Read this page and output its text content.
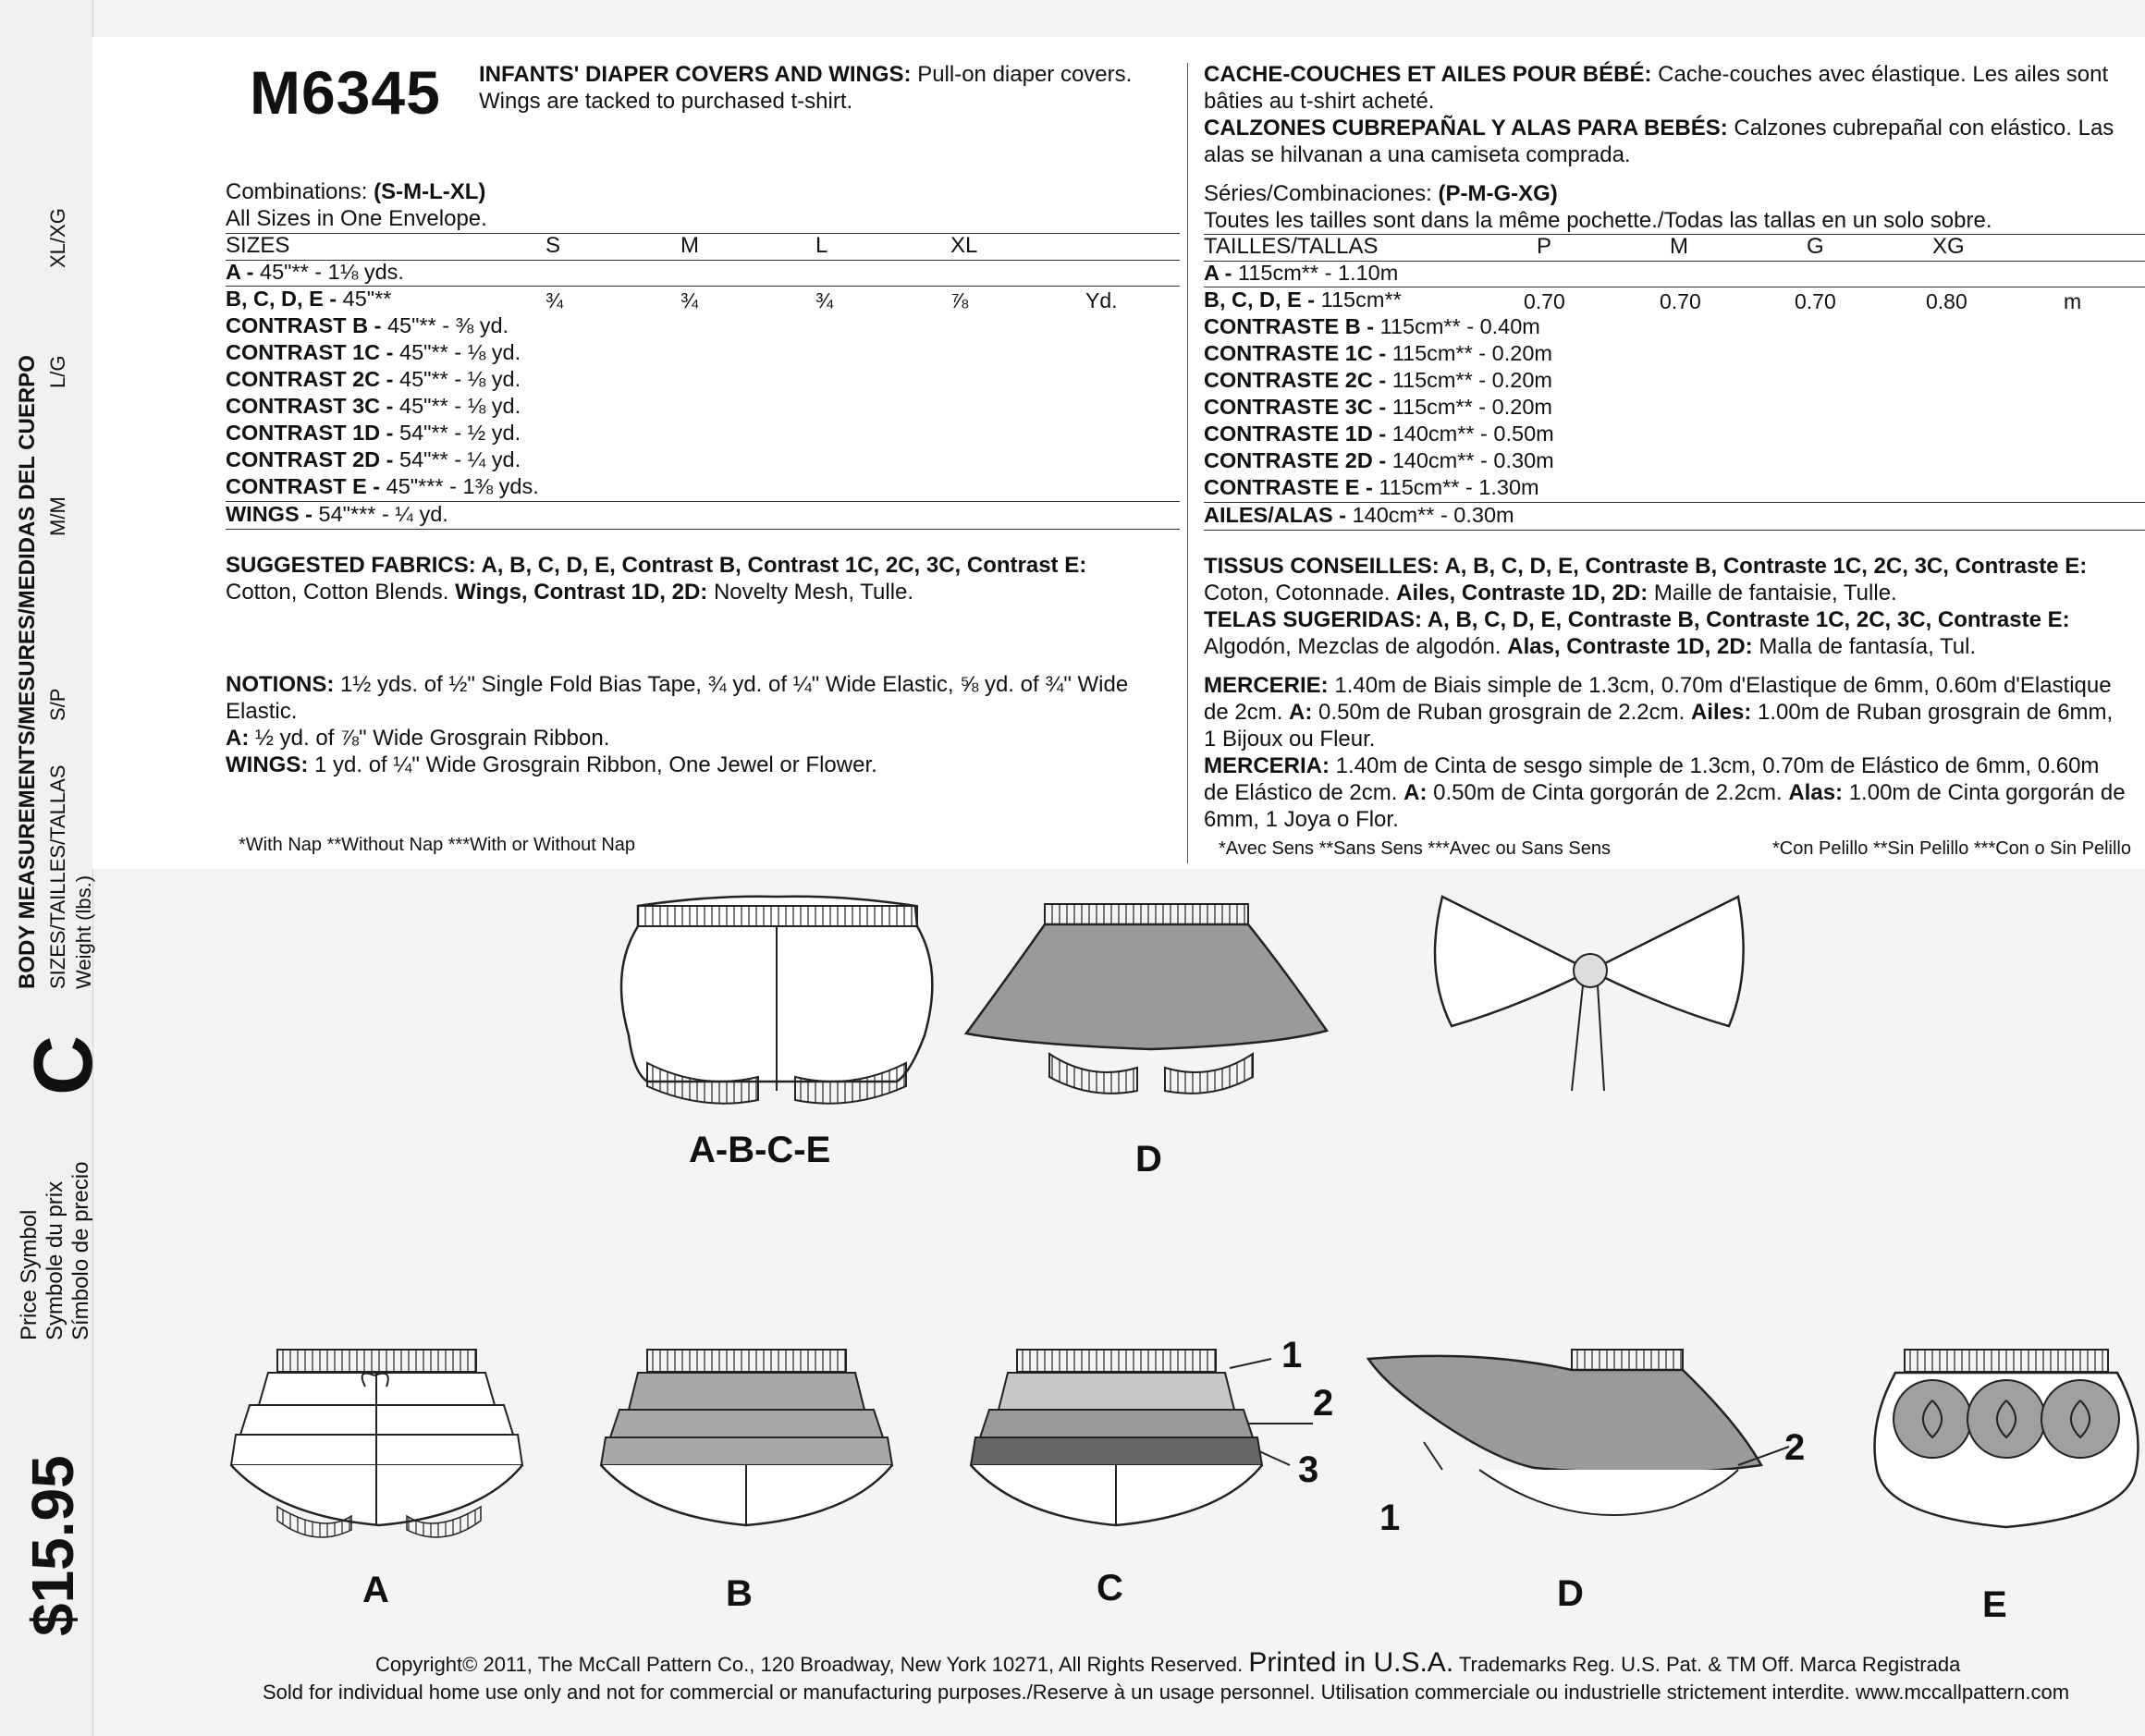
$15.95
Price Symbol Symbole du prix Símbolo de precio
C
BODY MEASUREMENTS/MESURES/MEDIDAS DEL CUERPO SIZES/TAILLES/TALLAS Weight (lbs.)
S/P
M/M
L/G
XL/XG
M6345 INFANTS' DIAPER COVERS AND WINGS: Pull-on diaper covers.
Wings are tacked to purchased t-shirt.
Combinations: (S-M-L-XL)
All Sizes in One Envelope.
SIZES	S	M	L	XL
A - 45"** - 1⅛ yds.
B, C, D, E - 45"**	¾	¾	¾	⅞	Yd.
CONTRAST B - 45"** - ⅜ yd.
CONTRAST 1C - 45"** - ⅛ yd.
CONTRAST 2C - 45"** - ⅛ yd.
CONTRAST 3C - 45"** - ⅛ yd.
CONTRAST 1D - 54"** - ½ yd.
CONTRAST 2D - 54"** - ¼ yd.
CONTRAST E - 45"*** - 1⅜ yds.
WINGS - 54"*** - ¼ yd.
SUGGESTED FABRICS: A, B, C, D, E, Contrast B, Contrast 1C, 2C, 3C, Contrast E:
Cotton, Cotton Blends. Wings, Contrast 1D, 2D: Novelty Mesh, Tulle.
NOTIONS: 1½ yds. of ½" Single Fold Bias Tape, ¾ yd. of ¼" Wide Elastic, ⅝ yd. of ¾" Wide
Elastic.
A: ½ yd. of ⅞" Wide Grosgrain Ribbon.
WINGS: 1 yd. of ¼" Wide Grosgrain Ribbon, One Jewel or Flower.
*With Nap **Without Nap ***With or Without Nap
CACHE-COUCHES ET AILES POUR BÉBÉ: Cache-couches avec élastique. Les ailes sont
bâties au t-shirt acheté.
CALZONES CUBREPAÑAL Y ALAS PARA BEBÉS: Calzones cubrepañal con elástico. Las
alas se hilvanan a una camiseta comprada.
Séries/Combinaciones: (P-M-G-XG)
Toutes les tailles sont dans la même pochette./Todas las tallas en un solo sobre.
TAILLES/TALLAS	P	M	G	XG
A - 115cm** - 1.10m
B, C, D, E - 115cm**	0.70	0.70	0.70	0.80	m
CONTRASTE B - 115cm** - 0.40m
CONTRASTE 1C - 115cm** - 0.20m
CONTRASTE 2C - 115cm** - 0.20m
CONTRASTE 3C - 115cm** - 0.20m
CONTRASTE 1D - 140cm** - 0.50m
CONTRASTE 2D - 140cm** - 0.30m
CONTRASTE E - 115cm** - 1.30m
AILES/ALAS - 140cm** - 0.30m
TISSUS CONSEILLES: A, B, C, D, E, Contraste B, Contraste 1C, 2C, 3C, Contraste E:
Coton, Cotonnade. Ailes, Contraste 1D, 2D: Maille de fantaisie, Tulle.
TELAS SUGERIDAS: A, B, C, D, E, Contraste B, Contraste 1C, 2C, 3C, Contraste E:
Algodón, Mezclas de algodón. Alas, Contraste 1D, 2D: Malla de fantasía, Tul.
MERCERIE: 1.40m de Biais simple de 1.3cm, 0.70m d'Elastique de 6mm, 0.60m d'Elastique
de 2cm. A: 0.50m de Ruban grosgrain de 2.2cm. Ailes: 1.00m de Ruban grosgrain de 6mm,
1 Bijoux ou Fleur.
MERCERIA: 1.40m de Cinta de sesgo simple de 1.3cm, 0.70m de Elástico de 6mm, 0.60m
de Elástico de 2cm. A: 0.50m de Cinta gorgorán de 2.2cm. Alas: 1.00m de Cinta gorgorán de
6mm, 1 Joya o Flor.
*Avec Sens **Sans Sens ***Avec ou Sans Sens	*Con Pelillo **Sin Pelillo ***Con o Sin Pelillo
A-B-C-E	D
A	B	C	D	E
1
2
3
1
2
Copyright© 2011, The McCall Pattern Co., 120 Broadway, New York 10271, All Rights Reserved. Printed in U.S.A. Trademarks Reg. U.S. Pat. & TM Off. Marca Registrada
Sold for individual home use only and not for commercial or manufacturing purposes./Reserve à un usage personnel. Utilisation commerciale ou industrielle strictement interdite. www.mccallpattern.com
